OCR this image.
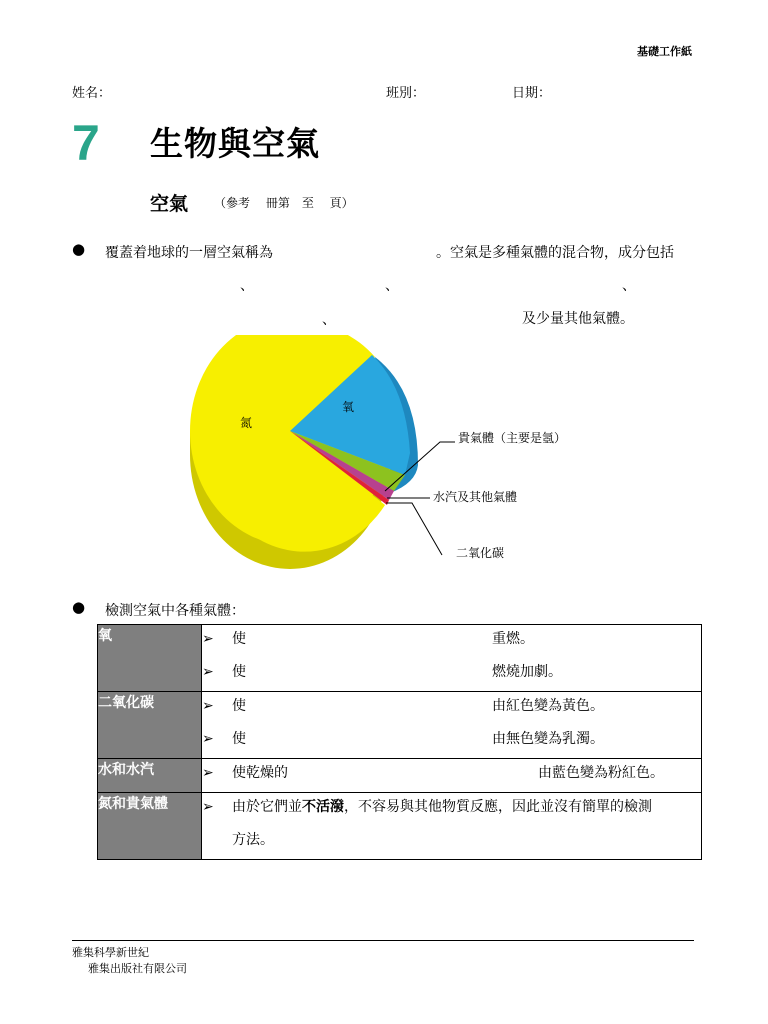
基礎工作紙
姓名：	班別：	日期：
7 生物與空氣
空氣 （參考　 冊第　至　 頁）
● 覆蓋着地球的一層空氣稱為	。空氣是多種氣體的混合物，成分包括
、	、	、
、	及少量其他氣體。
氮
氧
貴氣體（主要是氬）
水汽及其他氣體
二氧化碳
● 檢測空氣中各種氣體：
氧	➢ 使 重燃。
➢ 使 燃燒加劇。

二氧化碳	➢ 使 由紅色變為黃色。
➢ 使 由無色變為乳濁。

水和水汽	➢ 使乾燥的 由藍色變為粉紅色。

氮和貴氣體	➢ 由於它們並不活潑，不容易與其他物質反應，因此並沒有簡單的檢測
方法。
雅集科學新世紀
雅集出版社有限公司
